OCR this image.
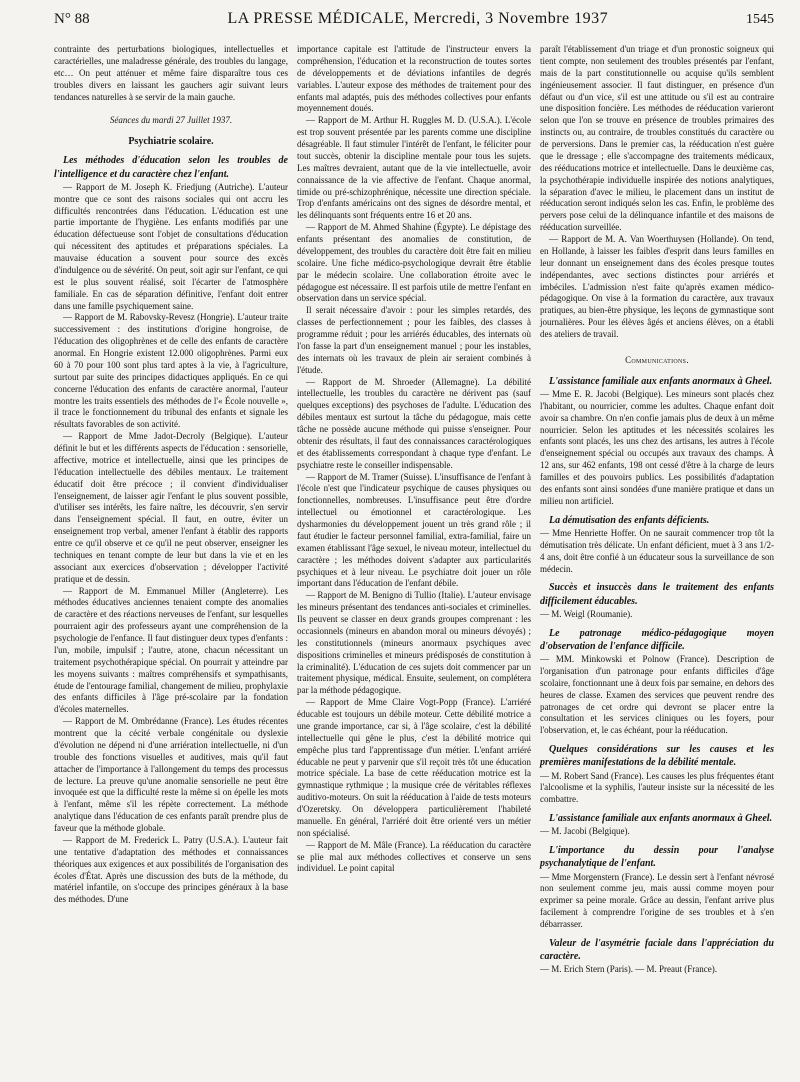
N° 88	LA PRESSE MÉDICALE, Mercredi, 3 Novembre 1937	1545

contrainte des perturbations biologiques, intellectuelles et caractérielles, une maladresse générale, des troubles du langage, etc… On peut atténuer et même faire disparaître tous ces troubles divers en laissant les gauchers agir suivant leurs tendances naturelles à se servir de la main gauche.

Séances du mardi 27 Juillet 1937.
Psychiatrie scolaire.
Les méthodes d'éducation selon les troubles de l'intelligence et du caractère chez l'enfant.

— Rapport de M. Joseph K. Friedjung (Autriche). L'auteur montre que ce sont des raisons sociales qui ont accru les difficultés rencontrées dans l'éducation. L'éducation est une partie importante de l'hygiène. Les enfants modifiés par une éducation défectueuse sont l'objet de consultations d'éducation qui nécessitent des aptitudes et préparations spéciales. La mauvaise éducation a souvent pour source des excès d'indulgence ou de sévérité. On peut, soit agir sur l'enfant, ce qui est le plus souvent réalisé, soit l'écarter de l'atmosphère familiale. En cas de séparation définitive, l'enfant doit entrer dans une famille psychiquement saine.

— Rapport de M. Rabovsky-Revesz (Hongrie). L'auteur traite successivement : des institutions d'origine hongroise, de l'éducation des oligophrènes et de celle des enfants de caractère anormal. En Hongrie existent 12.000 oligophrènes. Parmi eux 60 à 70 pour 100 sont plus tard aptes à la vie, à l'agriculture, surtout par suite des principes didactiques appliqués. En ce qui concerne l'éducation des enfants de caractère anormal, l'auteur montre les traits essentiels des méthodes de l'« École nouvelle », il trace le fonctionnement du tribunal des enfants et signale les résultats favorables de son activité.

— Rapport de Mme Jadot-Decroly (Belgique). L'auteur définit le but et les différents aspects de l'éducation : sensorielle, affective, motrice et intellectuelle, ainsi que les principes de l'éducation intellectuelle des débiles mentaux. Le traitement éducatif doit être précoce ; il convient d'individualiser l'enseignement, de laisser agir l'enfant le plus souvent possible, d'utiliser ses intérêts, les faire naître, les découvrir, s'en servir dans l'enseignement spécial. Il faut, en outre, éviter un enseignement trop verbal, amener l'enfant à établir des rapports entre ce qu'il observe et ce qu'il ne peut observer, enseigner les techniques en tenant compte de leur but dans la vie et en les associant aux exercices d'observation ; développer l'activité pratique et de dessin.

— Rapport de M. Emmanuel Miller (Angleterre). Les méthodes éducatives anciennes tenaient compte des anomalies de caractère et des réactions nerveuses de l'enfant, sur lesquelles pourraient agir des professeurs ayant une compréhension de la psychologie de l'enfance. Il faut distinguer deux types d'enfants : l'un, mobile, impulsif ; l'autre, atone, chacun nécessitant un traitement psychothérapique spécial. On pourrait y atteindre par les moyens suivants : maîtres compréhensifs et sympathisants, étude de l'entourage familial, changement de milieu, prophylaxie des enfants difficiles à l'âge pré-scolaire par la fondation d'écoles maternelles.

— Rapport de M. Ombrédanne (France). Les études récentes montrent que la cécité verbale congénitale ou dyslexie d'évolution ne dépend ni d'une arriération intellectuelle, ni d'un trouble des fonctions visuelles et auditives, mais qu'il faut attacher de l'importance à l'allongement du temps des processus de lecture. La preuve qu'une anomalie sensorielle ne peut être invoquée est que la difficulté reste la même si on épelle les mots à l'enfant, même s'il les répète correctement. La méthode analytique dans l'éducation de ces enfants paraît prendre plus de faveur que la méthode globale.

— Rapport de M. Frederick L. Patry (U.S.A.). L'auteur fait une tentative d'adaptation des méthodes et connaissances théoriques aux exigences et aux possibilités de l'organisation des écoles d'État. Après une discussion des buts de la méthode, du matériel infantile, on s'occupe des principes généraux à la base des méthodes. D'une

importance capitale est l'attitude de l'instructeur envers la compréhension, l'éducation et la reconstruction de toutes sortes de développements et de déviations infantiles de degrés variables. L'auteur expose des méthodes de traitement pour des enfants mal adaptés, puis des méthodes collectives pour enfants moyennement doués.

— Rapport de M. Arthur H. Ruggles M. D. (U.S.A.). L'école est trop souvent présentée par les parents comme une discipline désagréable. Il faut stimuler l'intérêt de l'enfant, le féliciter pour tout succès, obtenir la discipline mentale pour tous les sujets. Les maîtres devraient, autant que de la vie intellectuelle, avoir connaissance de la vie affective de l'enfant. Chaque anormal, timide ou pré-schizophrénique, nécessite une direction spéciale. Trop d'enfants américains ont des signes de désordre mental, et les délinquants sont fréquents entre 16 et 20 ans.

— Rapport de M. Ahmed Shahine (Égypte). Le dépistage des enfants présentant des anomalies de constitution, de développement, des troubles du caractère doit être fait en milieu scolaire. Une fiche médico-psychologique devrait être établie par le médecin scolaire. Une collaboration étroite avec le pédagogue est nécessaire. Il est parfois utile de mettre l'enfant en observation dans un service spécial.

Il serait nécessaire d'avoir : pour les simples retardés, des classes de perfectionnement ; pour les faibles, des classes à programme réduit ; pour les arriérés éducables, des internats où l'on fasse la part d'un enseignement manuel ; pour les instables, des internats où les travaux de plein air seraient combinés à l'étude.

— Rapport de M. Shroeder (Allemagne). La débilité intellectuelle, les troubles du caractère ne dérivent pas (sauf quelques exceptions) des psychoses de l'adulte. L'éducation des débiles mentaux est surtout la tâche du pédagogue, mais cette tâche ne possède aucune méthode qui puisse s'enseigner. Pour obtenir des résultats, il faut des connaissances caractérologiques et des établissements correspondant à chaque type d'enfant. Le psychiatre reste le conseiller indispensable.

— Rapport de M. Tramer (Suisse). L'insuffisance de l'enfant à l'école n'est que l'indicateur psychique de causes physiques ou fonctionnelles, nombreuses. L'insuffisance peut être d'ordre intellectuel ou émotionnel et caractérologique. Les dysharmonies du développement jouent un très grand rôle ; il faut étudier le facteur personnel familial, extra-familial, faire un examen établissant l'âge sexuel, le niveau moteur, intellectuel du caractère ; les méthodes doivent s'adapter aux particularités psychiques et à leur niveau. Le psychiatre doit jouer un rôle important dans l'éducation de l'enfant débile.

— Rapport de M. Benigno di Tullio (Italie). L'auteur envisage les mineurs présentant des tendances anti-sociales et criminelles. Ils peuvent se classer en deux grands groupes comprenant : les occasionnels (mineurs en abandon moral ou mineurs dévoyés) ; les constitutionnels (mineurs anormaux psychiques avec dispositions criminelles et mineurs prédisposés de constitution à la criminalité). L'éducation de ces sujets doit commencer par un traitement physique, médical. Ensuite, seulement, on complétera par la méthode pédagogique.

— Rapport de Mme Claire Vogt-Popp (France). L'arriéré éducable est toujours un débile moteur. Cette débilité motrice a une grande importance, car si, à l'âge scolaire, c'est la débilité intellectuelle qui gêne le plus, c'est la débilité motrice qui empêche plus tard l'apprentissage d'un métier. L'enfant arriéré éducable ne peut y parvenir que s'il reçoit très tôt une éducation motrice spéciale. La base de cette rééducation motrice est la gymnastique rythmique ; la musique crée de véritables réflexes auditivo-moteurs. On suit la rééducation à l'aide de tests moteurs d'Ozeretsky. On développera particulièrement l'habileté manuelle. En général, l'arriéré doit être orienté vers un métier non spécialisé.

— Rapport de M. Mâle (France). La rééducation du caractère se plie mal aux méthodes collectives et conserve un sens individuel. Le point capital

paraît l'établissement d'un triage et d'un pronostic soigneux qui tient compte, non seulement des troubles présentés par l'enfant, mais de la part constitutionnelle ou acquise qu'ils semblent ingénieusement associer. Il faut distinguer, en présence d'un défaut ou d'un vice, s'il est une attitude ou s'il est au contraire une disposition foncière. Les méthodes de rééducation varieront selon que l'on se trouve en présence de troubles primaires des instincts ou, au contraire, de troubles constitués du caractère ou de perversions. Dans le premier cas, la rééducation n'est guère que le dressage ; elle s'accompagne des traitements médicaux, des rééducations motrice et intellectuelle. Dans le deuxième cas, la psychothérapie individuelle inspirée des notions analytiques, la séparation d'avec le milieu, le placement dans un institut de rééducation seront indiqués selon les cas. Enfin, le problème des pervers pose celui de la délinquance infantile et des maisons de rééducation surveillée.

— Rapport de M. A. Van Woerthuysen (Hollande). On tend, en Hollande, à laisser les faibles d'esprit dans leurs familles en leur donnant un enseignement dans des écoles presque toutes indépendantes, avec sections distinctes pour arriérés et imbéciles. L'admission n'est faite qu'après examen médico-pédagogique. On vise à la formation du caractère, aux travaux pratiques, au bien-être physique, les leçons de gymnastique sont journalières. Pour les élèves âgés et anciens élèves, on a établi des ateliers de travail.

Communications.
L'assistance familiale aux enfants anormaux à Gheel.

— Mme E. R. Jacobi (Belgique). Les mineurs sont placés chez l'habitant, ou nourricier, comme les adultes. Chaque enfant doit avoir sa chambre. On n'en confie jamais plus de deux à un même nourricier. Selon les aptitudes et les nécessités scolaires les enfants sont placés, les uns chez des artisans, les autres à l'école d'enseignement spécial ou occupés aux travaux des champs. À 12 ans, sur 462 enfants, 198 ont cessé d'être à la charge de leurs familles et des pouvoirs publics. Les possibilités d'adaptation des enfants sont ainsi sondées d'une manière pratique et dans un milieu non artificiel.

La démutisation des enfants déficients.

— Mme Henriette Hoffer. On ne saurait commencer trop tôt la démutisation très délicate. Un enfant déficient, muet à 3 ans 1/2-4 ans, doit être confié à un éducateur sous la surveillance de son médecin.

Succès et insuccès dans le traitement des enfants difficilement éducables.

— M. Weigl (Roumanie).

Le patronage médico-pédagogique moyen d'observation de l'enfance difficile.

— MM. Minkowski et Polnow (France). Description de l'organisation d'un patronage pour enfants difficiles d'âge scolaire, fonctionnant une à deux fois par semaine, en dehors des heures de classe. Examen des services que peuvent rendre des patronages de cet ordre qui devront se placer entre la consultation et les services cliniques ou les foyers, pour l'observation, et, le cas échéant, pour la rééducation.

Quelques considérations sur les causes et les premières manifestations de la débilité mentale.

— M. Robert Sand (France). Les causes les plus fréquentes étant l'alcoolisme et la syphilis, l'auteur insiste sur la nécessité de les combattre.

L'assistance familiale aux enfants anormaux à Gheel.

— M. Jacobi (Belgique).

L'importance du dessin pour l'analyse psychanalytique de l'enfant.

— Mme Morgenstern (France). Le dessin sert à l'enfant névrosé non seulement comme jeu, mais aussi comme moyen pour exprimer sa peine morale. Grâce au dessin, l'enfant arrive plus facilement à comprendre l'origine de ses troubles et à s'en débarrasser.

Valeur de l'asymétrie faciale dans l'appréciation du caractère.

— M. Erich Stern (Paris). — M. Preaut (France).
